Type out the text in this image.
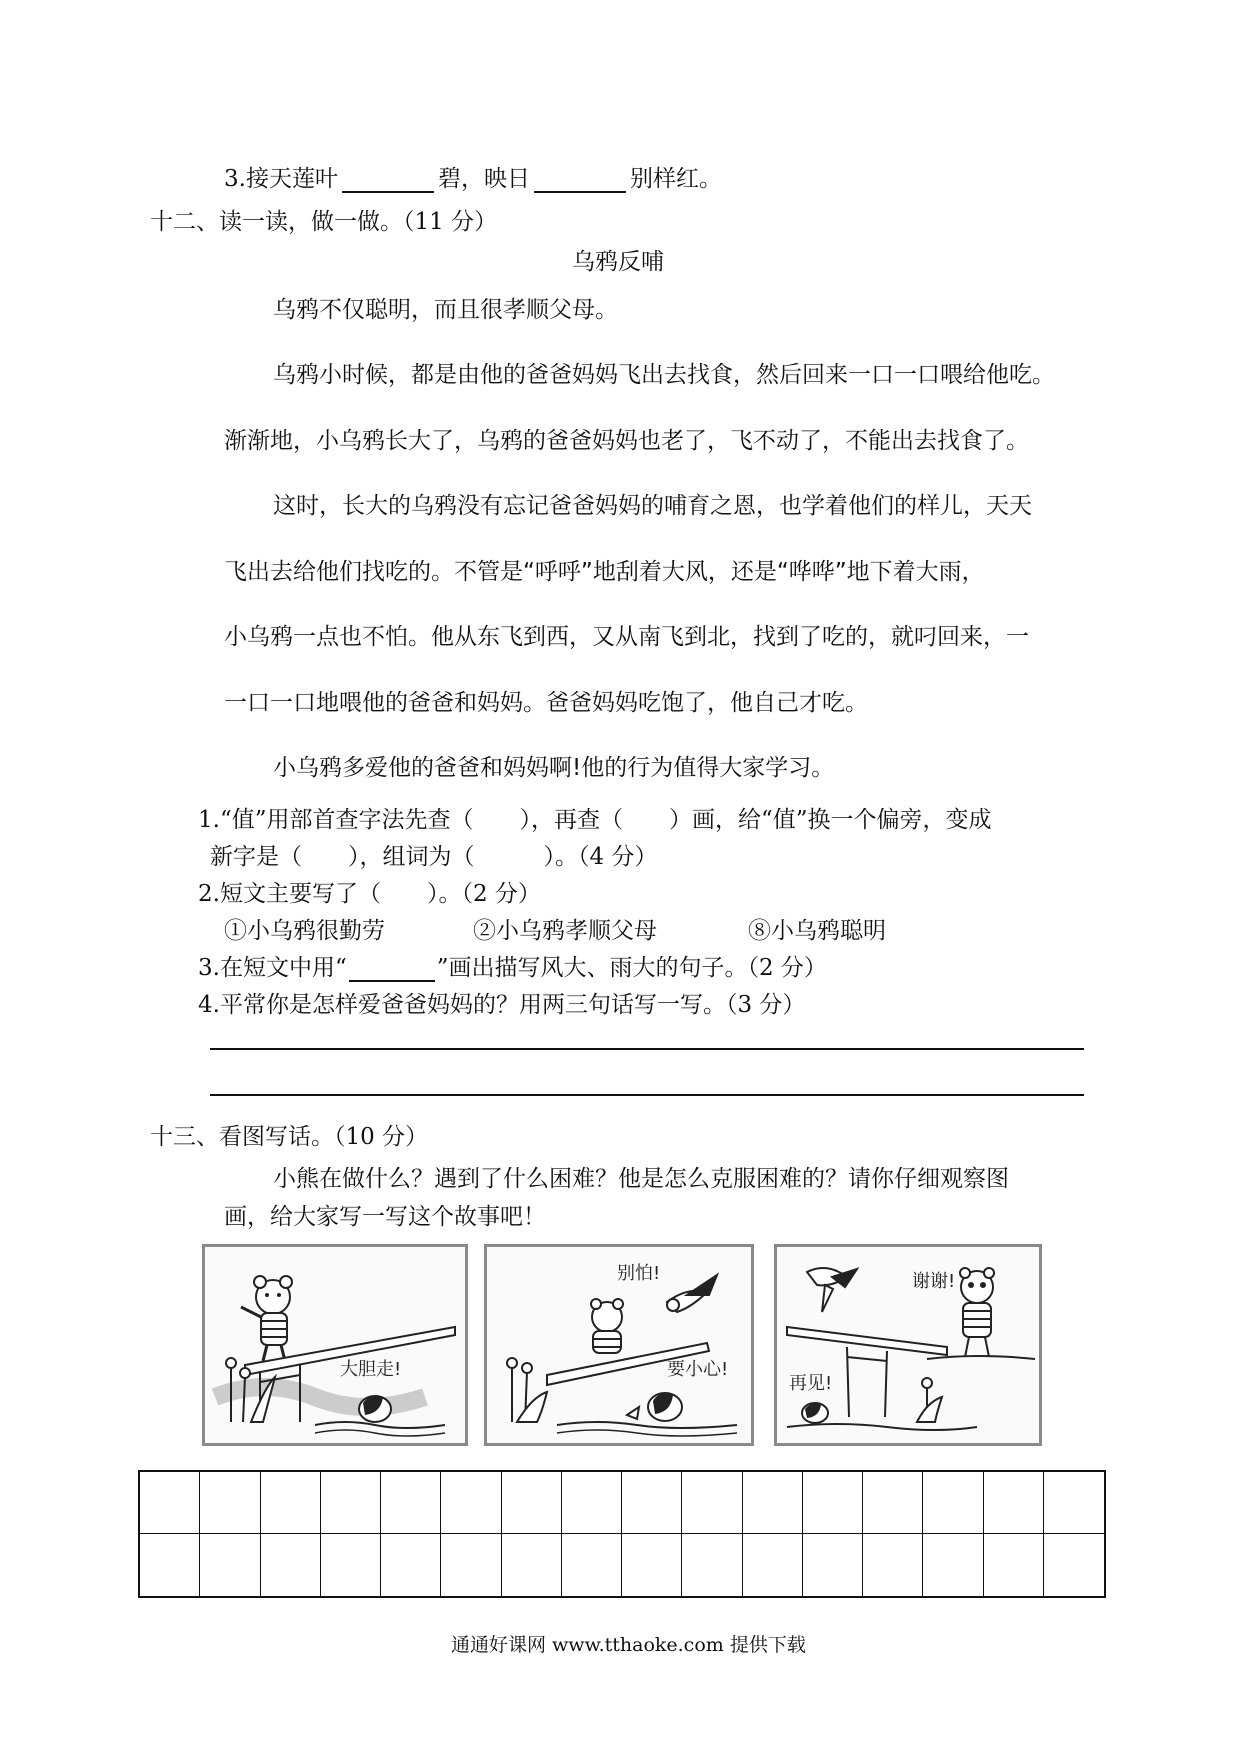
3.接天莲叶	碧，映日	别样红。
十二、读一读，做一做。（11 分）
乌鸦反哺
乌鸦不仅聪明，而且很孝顺父母。
乌鸦小时候，都是由他的爸爸妈妈飞出去找食，然后回来一口一口喂给他吃。
渐渐地，小乌鸦长大了，乌鸦的爸爸妈妈也老了，飞不动了，不能出去找食了。
这时，长大的乌鸦没有忘记爸爸妈妈的哺育之恩，也学着他们的样儿，天天
飞出去给他们找吃的。不管是“呼呼”地刮着大风，还是“哗哗”地下着大雨，
小乌鸦一点也不怕。他从东飞到西，又从南飞到北，找到了吃的，就叼回来，一
一口一口地喂他的爸爸和妈妈。爸爸妈妈吃饱了，他自己才吃。
小乌鸦多爱他的爸爸和妈妈啊!他的行为值得大家学习。
1.“值”用部首查字法先查（　　），再查（　　）画，给“值”换一个偏旁，变成
新字是（　　），组词为（　　　）。（4 分）
2.短文主要写了（　　）。（2 分）
①小乌鸦很勤劳	②小乌鸦孝顺父母	⑧小乌鸦聪明
3.在短文中用“	”画出描写风大、雨大的句子。（2 分）
4.平常你是怎样爱爸爸妈妈的？用两三句话写一写。（3 分）
十三、看图写话。（10 分）
小熊在做什么？遇到了什么困难？他是怎么克服困难的？请你仔细观察图
画，给大家写一写这个故事吧！
大胆走!
别怕!
要小心!
谢谢!
再见!
通通好课网 www.tthaoke.com 提供下载
